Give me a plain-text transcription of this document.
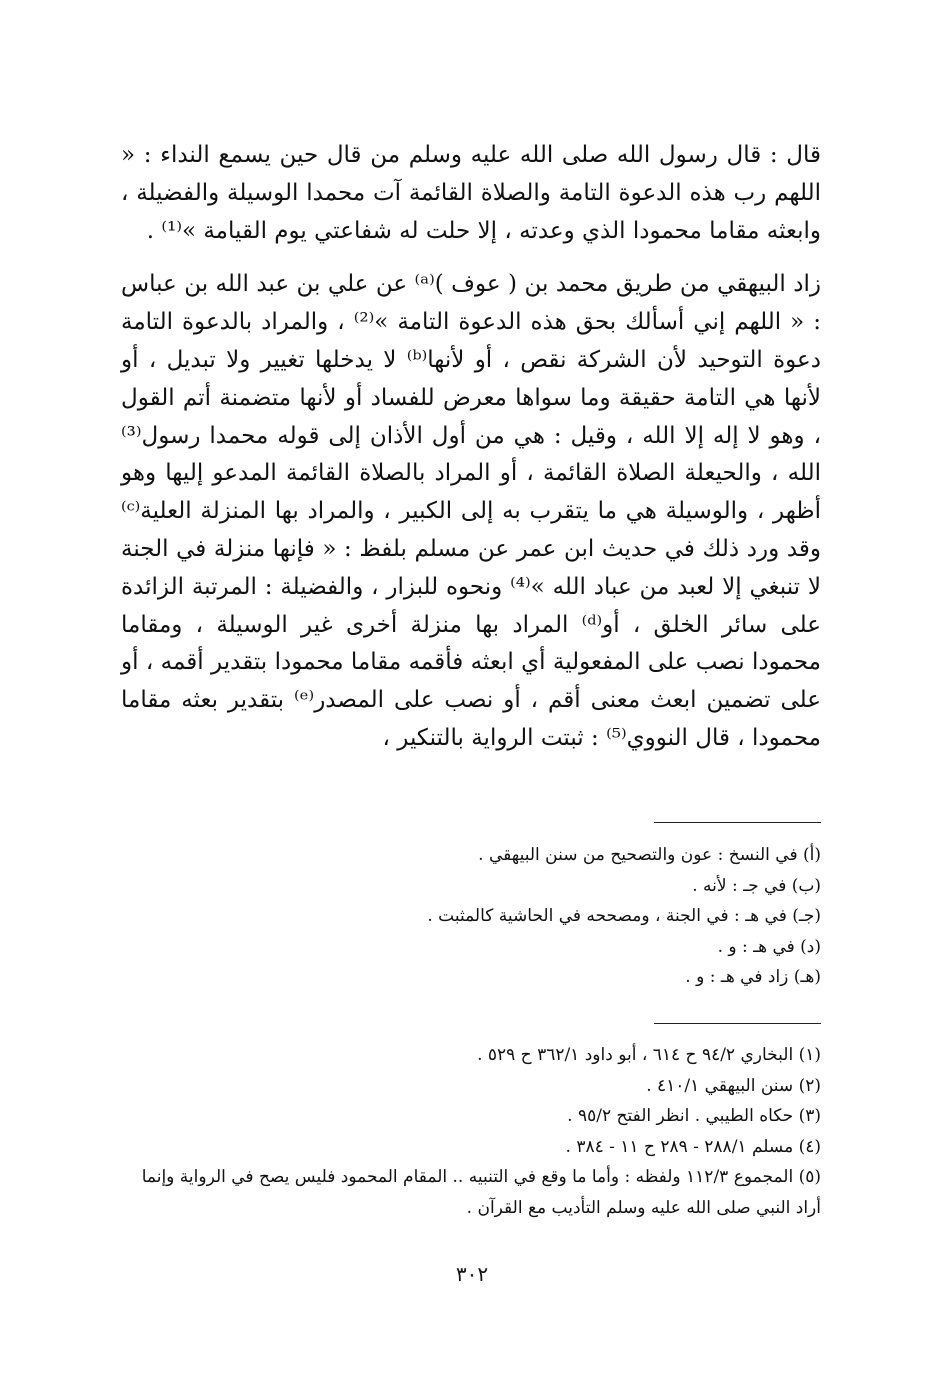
قال : قال رسول الله صلى الله عليه وسلم من قال حين يسمع النداء : « اللهم رب هذه الدعوة التامة والصلاة القائمة آت محمدا الوسيلة والفضيلة ، وابعثه مقاما محمودا الذي وعدته ، إلا حلت له شفاعتي يوم القيامة »⁽¹⁾ .

زاد البيهقي من طريق محمد بن ( عوف )⁽ᵃ⁾ عن علي بن عبد الله بن عباس : « اللهم إني أسألك بحق هذه الدعوة التامة »⁽²⁾ ، والمراد بالدعوة التامة دعوة التوحيد لأن الشركة نقص ، أو لأنها⁽ᵇ⁾ لا يدخلها تغيير ولا تبديل ، أو لأنها هي التامة حقيقة وما سواها معرض للفساد أو لأنها متضمنة أتم القول ، وهو لا إله إلا الله ، وقيل : هي من أول الأذان إلى قوله محمدا رسول⁽³⁾ الله ، والحيعلة الصلاة القائمة ، أو المراد بالصلاة القائمة المدعو إليها وهو أظهر ، والوسيلة هي ما يتقرب به إلى الكبير ، والمراد بها المنزلة العلية⁽ᶜ⁾ وقد ورد ذلك في حديث ابن عمر عن مسلم بلفظ : « فإنها منزلة في الجنة لا تنبغي إلا لعبد من عباد الله »⁽⁴⁾ ونحوه للبزار ، والفضيلة : المرتبة الزائدة على سائر الخلق ، أو⁽ᵈ⁾ المراد بها منزلة أخرى غير الوسيلة ، ومقاما محمودا نصب على المفعولية أي ابعثه فأقمه مقاما محمودا بتقدير أقمه ، أو على تضمين ابعث معنى أقم ، أو نصب على المصدر⁽ᵉ⁾ بتقدير بعثه مقاما محمودا ، قال النووي⁽⁵⁾ : ثبتت الرواية بالتنكير ،

(أ) في النسخ : عون والتصحيح من سنن البيهقي .
(ب) في جـ : لأنه .
(جـ) في هـ : في الجنة ، ومصححه في الحاشية كالمثبت .
(د) في هـ : و .
(هـ) زاد في هـ : و .
(١) البخاري ٩٤/٢ ح ٦١٤ ، أبو داود ٣٦٢/١ ح ٥٢٩ .
(٢) سنن البيهقي ٤١٠/١ .
(٣) حكاه الطيبي . انظر الفتح ٩٥/٢ .
(٤) مسلم ٢٨٨/١ - ٢٨٩ ح ١١ - ٣٨٤ .
(٥) المجموع ١١٢/٣ ولفظه : وأما ما وقع في التنبيه .. المقام المحمود فليس يصح في الرواية وإنما أراد النبي صلى الله عليه وسلم التأديب مع القرآن .
٣٠٢
